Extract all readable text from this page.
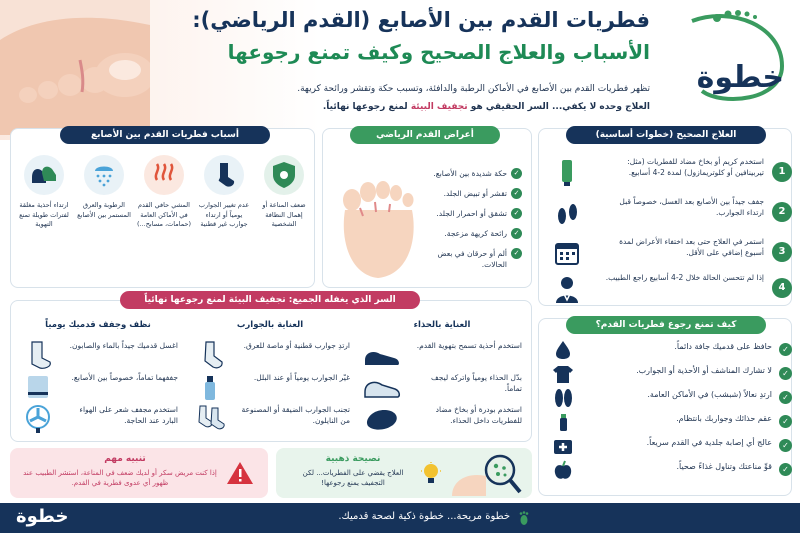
فطريات القدم بين الأصابع (القدم الرياضي):
الأسباب والعلاج الصحيح وكيف تمنع رجوعها
تظهر فطريات القدم بين الأصابع في الأماكن الرطبة والدافئة، وتسبب حكة وتقشر ورائحة كريهة.
العلاج وحده لا يكفي... السر الحقيقي هو تجفيف البيئة لمنع رجوعها نهائياً.
خطوة
أسباب فطريات القدم بين الأصابع
ضعف المناعة أو إهمال النظافة الشخصية
عدم تغيير الجوارب يومياً أو ارتداء جوارب غير قطنية
المشي حافي القدم في الأماكن العامة (حمامات، مسابح...)
الرطوبة والعرق المستمر بين الأصابع
ارتداء أحذية مغلقة لفترات طويلة تمنع التهوية
أعراض القدم الرياضي
✓
حكة شديدة بين الأصابع.
✓
تقشر أو تبيض الجلد.
✓
تشقق أو احمرار الجلد.
✓
رائحة كريهة مزعجة.
✓
ألم أو حرقان في بعض الحالات.
العلاج الصحيح (خطوات أساسية)
1
استخدم كريم أو بخاخ مضاد للفطريات (مثل: تيربينافين أو كلوتريمازول) لمدة 2-4 أسابيع.
2
جفف جيداً بين الأصابع بعد الغسل، خصوصاً قبل ارتداء الجوارب.
3
استمر في العلاج حتى بعد اختفاء الأعراض لمدة أسبوع إضافي على الأقل.
4
إذا لم تتحسن الحالة خلال 2-4 أسابيع راجع الطبيب.
السر الذي يغفله الجميع: تجفيف البيئة لمنع رجوعها نهائياً
العناية بالحذاء
استخدم أحذية تسمح بتهوية القدم.
بدّل الحذاء يومياً واتركه ليجف تماماً.
استخدم بودرة أو بخاخ مضاد للفطريات داخل الحذاء.
العناية بالجوارب
ارتدِ جوارب قطنية أو ماصة للعرق.
غيّر الجوارب يومياً أو عند البلل.
تجنب الجوارب الضيقة أو المصنوعة من النايلون.
نظف وجفف قدميك يومياً
اغسل قدميك جيداً بالماء والصابون.
جففهما تماماً، خصوصاً بين الأصابع.
استخدم مجفف شعر على الهواء البارد عند الحاجة.
كيف تمنع رجوع فطريات القدم؟
✓
حافظ على قدميك جافة دائماً.
✓
لا تشارك المناشف أو الأحذية أو الجوارب.
✓
ارتدِ نعالاً (شبشب) في الأماكن العامة.
✓
عقم حذائك وجواربك بانتظام.
✓
عالج أي إصابة جلدية في القدم سريعاً.
✓
قوِّ مناعتك وتناول غذاءً صحياً.
تنبيه مهم
إذا كنت مريض سكر أو لديك ضعف في المناعة، استشر الطبيب عند ظهور أي عدوى فطرية في القدم.
نصيحة ذهبية
العلاج يقضي على الفطريات... لكن التجفيف يمنع رجوعها!
خطوة	خطوة مريحة... خطوة ذكية لصحة قدميك.
